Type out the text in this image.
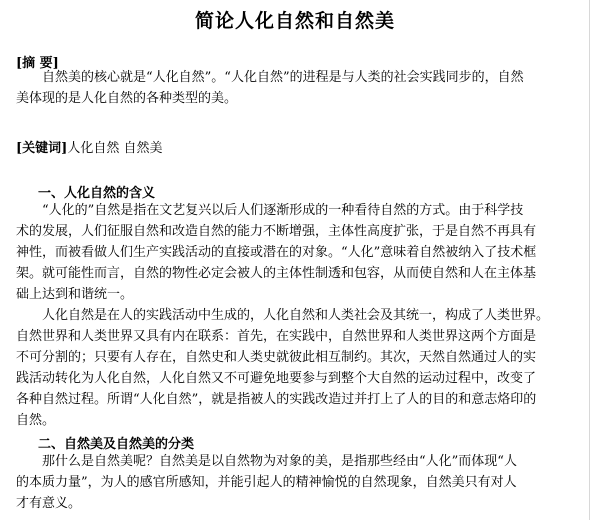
简论人化自然和自然美
[摘 要]
自然美的核心就是“人化自然”。“人化自然”的进程是与人类的社会实践同步的，自然
美体现的是人化自然的各种类型的美。
[关键词]人化自然 自然美
一、人化自然的含义
“人化的”自然是指在文艺复兴以后人们逐渐形成的一种看待自然的方式。由于科学技
术的发展，人们征服自然和改造自然的能力不断增强，主体性高度扩张，于是自然不再具有
神性，而被看做人们生产实践活动的直接或潜在的对象。“人化”意味着自然被纳入了技术框
架。就可能性而言，自然的物性必定会被人的主体性制透和包容，从而使自然和人在主体基
础上达到和谐统一。
人化自然是在人的实践活动中生成的，人化自然和人类社会及其统一，构成了人类世界。
自然世界和人类世界又具有内在联系：首先，在实践中，自然世界和人类世界这两个方面是
不可分割的；只要有人存在，自然史和人类史就彼此相互制约。其次，天然自然通过人的实
践活动转化为人化自然，人化自然又不可避免地要参与到整个大自然的运动过程中，改变了
各种自然过程。所谓“人化自然”，就是指被人的实践改造过并打上了人的目的和意志烙印的
自然。
二、自然美及自然美的分类
那什么是自然美呢？自然美是以自然物为对象的美，是指那些经由“人化”而体现“人
的本质力量”，为人的感官所感知，并能引起人的精神愉悦的自然现象，自然美只有对人
才有意义。
